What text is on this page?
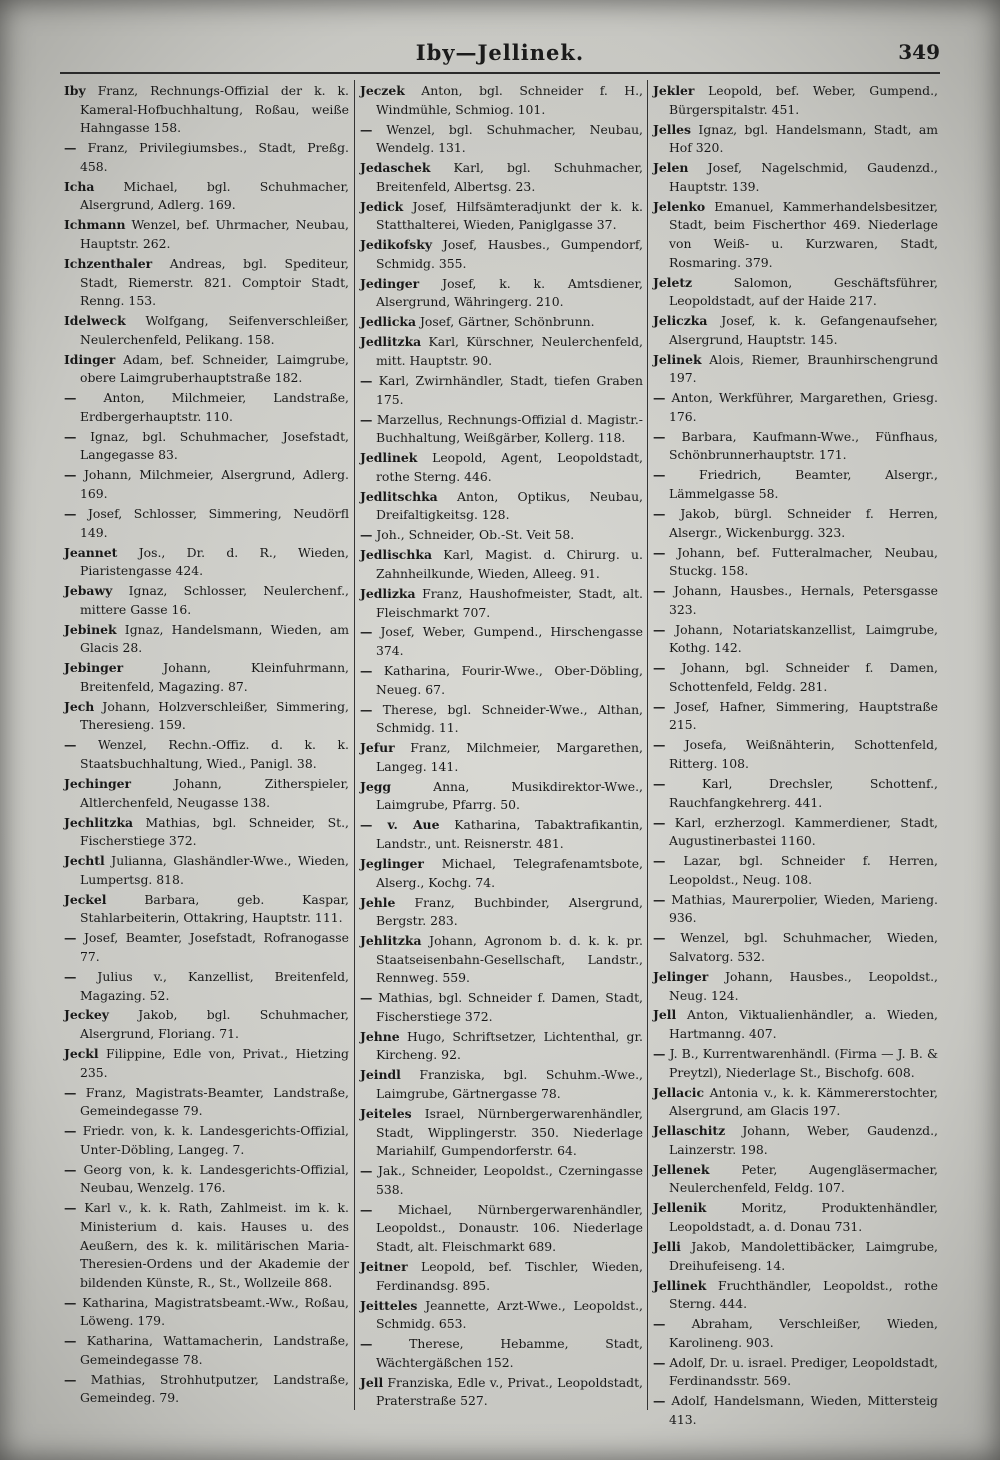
Iby—Jellinek.	349
Iby Franz, Rechnungs-Offizial der k. k. Kameral-Hofbuchhaltung, Roßau, weiße Hahngasse 158.
— Franz, Privilegiumsbes., Stadt, Preßg. 458.
Icha Michael, bgl. Schuhmacher, Alsergrund, Adlerg. 169.
Ichmann Wenzel, bef. Uhrmacher, Neubau, Hauptstr. 262.
Ichzenthaler Andreas, bgl. Spediteur, Stadt, Riemerstr. 821. Comptoir Stadt, Renng. 153.
Idelweck Wolfgang, Seifenverschleißer, Neulerchenfeld, Pelikang. 158.
Idinger Adam, bef. Schneider, Laimgrube, obere Laimgruberhauptstraße 182.
— Anton, Milchmeier, Landstraße, Erdbergerhauptstr. 110.
— Ignaz, bgl. Schuhmacher, Josefstadt, Langegasse 83.
— Johann, Milchmeier, Alsergrund, Adlerg. 169.
— Josef, Schlosser, Simmering, Neudörfl 149.
Jeannet Jos., Dr. d. R., Wieden, Piaristengasse 424.
Jebawy Ignaz, Schlosser, Neulerchenf., mittere Gasse 16.
Jebinek Ignaz, Handelsmann, Wieden, am Glacis 28.
Jebinger	Johann, Kleinfuhrmann, Breitenfeld, Magazing. 87.
Jech Johann, Holzverschleißer, Simmering, Theresieng. 159.
— Wenzel, Rechn.-Offiz. d. k. k. Staatsbuchhaltung, Wied., Panigl. 38.
Jechinger	Johann, Zitherspieler, Altlerchenfeld, Neugasse 138.
Jechlitzka Mathias, bgl. Schneider, St., Fischerstiege 372.
Jechtl Julianna, Glashändler-Wwe., Wieden, Lumpertsg. 818.
Jeckel	Barbara, geb. Kaspar, Stahlarbeiterin, Ottakring, Hauptstr. 111.
— Josef, Beamter, Josefstadt, Rofranogasse 77.
— Julius v., Kanzellist, Breitenfeld, Magazing. 52.
Jeckey Jakob, bgl. Schuhmacher, Alsergrund, Floriang. 71.
Jeckl Filippine, Edle von, Privat., Hietzing 235.
— Franz, Magistrats-Beamter, Landstraße, Gemeindegasse 79.
— Friedr. von, k. k. Landesgerichts-Offizial, Unter-Döbling, Langeg. 7.
— Georg von, k. k. Landesgerichts-Offizial, Neubau, Wenzelg. 176.
— Karl v., k. k. Rath, Zahlmeist. im k. k. Ministerium d. kais. Hauses u. des Aeußern, des k. k. militärischen Maria-Theresien-Ordens und der Akademie der bildenden Künste, R., St., Wollzeile 868.
— Katharina, Magistratsbeamt.-Ww., Roßau, Löweng. 179.
— Katharina, Wattamacherin, Landstraße, Gemeindegasse 78.
— Mathias, Strohhutputzer, Landstraße, Gemeindeg. 79.
Jeczek Anton, bgl. Schneider f. H., Windmühle, Schmiog. 101.
— Wenzel, bgl. Schuhmacher, Neubau, Wendelg. 131.
Jedaschek Karl, bgl. Schuhmacher, Breitenfeld, Albertsg. 23.
Jedick Josef, Hilfsämteradjunkt der k. k. Statthalterei, Wieden, Paniglgasse 37.
Jedikofsky Josef, Hausbes., Gumpendorf, Schmidg. 355.
Jedinger Josef, k. k. Amtsdiener, Alsergrund, Währingerg. 210.
Jedlicka Josef, Gärtner, Schönbrunn.
Jedlitzka Karl, Kürschner, Neulerchenfeld, mitt. Hauptstr. 90.
— Karl, Zwirnhändler, Stadt, tiefen Graben 175.
— Marzellus, Rechnungs-Offizial d. Magistr.-Buchhaltung, Weißgärber, Kollerg. 118.
Jedlinek Leopold, Agent, Leopoldstadt, rothe Sterng. 446.
Jedlitschka Anton, Optikus, Neubau, Dreifaltigkeitsg. 128.
— Joh., Schneider, Ob.-St. Veit 58.
Jedlischka Karl, Magist. d. Chirurg. u. Zahnheilkunde, Wieden, Alleeg. 91.
Jedlizka Franz, Haushofmeister, Stadt, alt. Fleischmarkt 707.
— Josef, Weber, Gumpend., Hirschengasse 374.
— Katharina, Fourir-Wwe., Ober-Döbling, Neueg. 67.
— Therese, bgl. Schneider-Wwe., Althan, Schmidg. 11.
Jefur Franz, Milchmeier, Margarethen, Langeg. 141.
Jegg	Anna, Musikdirektor-Wwe., Laimgrube, Pfarrg. 50.
— v. Aue Katharina, Tabaktrafikantin, Landstr., unt. Reisnerstr. 481.
Jeglinger Michael, Telegrafenamtsbote, Alserg., Kochg. 74.
Jehle Franz, Buchbinder, Alsergrund, Bergstr. 283.
Jehlitzka Johann, Agronom b. d. k. k. pr. Staatseisenbahn-Gesellschaft, Landstr., Rennweg. 559.
— Mathias, bgl. Schneider f. Damen, Stadt, Fischerstiege 372.
Jehne Hugo, Schriftsetzer, Lichtenthal, gr. Kircheng. 92.
Jeindl Franziska, bgl. Schuhm.-Wwe., Laimgrube, Gärtnergasse 78.
Jeiteles Israel, Nürnbergerwarenhändler, Stadt, Wipplingerstr. 350. Niederlage Mariahilf, Gumpendorferstr. 64.
— Jak., Schneider, Leopoldst., Czerningasse 538.
— Michael, Nürnbergerwarenhändler, Leopoldst., Donaustr. 106. Niederlage Stadt, alt. Fleischmarkt 689.
Jeitner Leopold, bef. Tischler, Wieden, Ferdinandsg. 895.
Jeitteles Jeannette, Arzt-Wwe., Leopoldst., Schmidg. 653.
—	Therese, Hebamme, Stadt, Wächtergäßchen 152.
Jell Franziska, Edle v., Privat., Leopoldstadt, Praterstraße 527.
Jekler Leopold, bef. Weber, Gumpend., Bürgerspitalstr. 451.
Jelles Ignaz, bgl. Handelsmann, Stadt, am Hof 320.
Jelen Josef, Nagelschmid, Gaudenzd., Hauptstr. 139.
Jelenko Emanuel, Kammerhandelsbesitzer, Stadt, beim Fischerthor 469. Niederlage von Weiß- u. Kurzwaren, Stadt, Rosmaring. 379.
Jeletz	Salomon, Geschäftsführer, Leopoldstadt, auf der Haide 217.
Jeliczka Josef, k. k. Gefangenaufseher, Alsergrund, Hauptstr. 145.
Jelinek Alois, Riemer, Braunhirschengrund 197.
— Anton, Werkführer, Margarethen, Griesg. 176.
— Barbara, Kaufmann-Wwe., Fünfhaus, Schönbrunnerhauptstr. 171.
—	Friedrich, Beamter, Alsergr., Lämmelgasse 58.
— Jakob, bürgl. Schneider f. Herren, Alsergr., Wickenburgg. 323.
— Johann, bef. Futteralmacher, Neubau, Stuckg. 158.
— Johann, Hausbes., Hernals, Petersgasse 323.
— Johann, Notariatskanzellist, Laimgrube, Kothg. 142.
— Johann, bgl. Schneider f. Damen, Schottenfeld, Feldg. 281.
— Josef, Hafner, Simmering, Hauptstraße 215.
— Josefa, Weißnähterin, Schottenfeld, Ritterg. 108.
—	Karl, Drechsler, Schottenf., Rauchfangkehrerg. 441.
— Karl, erzherzogl. Kammerdiener, Stadt, Augustinerbastei 1160.
— Lazar, bgl. Schneider f. Herren, Leopoldst., Neug. 108.
— Mathias, Maurerpolier, Wieden, Marieng. 936.
— Wenzel, bgl. Schuhmacher, Wieden, Salvatorg. 532.
Jelinger Johann, Hausbes., Leopoldst., Neug. 124.
Jell Anton, Viktualienhändler, a. Wieden, Hartmanng. 407.
— J. B., Kurrentwarenhändl. (Firma — J. B. & Preytzl), Niederlage St., Bischofg. 608.
Jellacic Antonia v., k. k. Kämmererstochter, Alsergrund, am Glacis 197.
Jellaschitz Johann, Weber, Gaudenzd., Lainzerstr. 198.
Jellenek	Peter, Augengläsermacher, Neulerchenfeld, Feldg. 107.
Jellenik	Moritz, Produktenhändler, Leopoldstadt, a. d. Donau 731.
Jelli Jakob, Mandolettibäcker, Laimgrube, Dreihufeiseng. 14.
Jellinek Fruchthändler, Leopoldst., rothe Sterng. 444.
— Abraham, Verschleißer, Wieden, Karolineng. 903.
— Adolf, Dr. u. israel. Prediger, Leopoldstadt, Ferdinandsstr. 569.
— Adolf, Handelsmann, Wieden, Mittersteig 413.
